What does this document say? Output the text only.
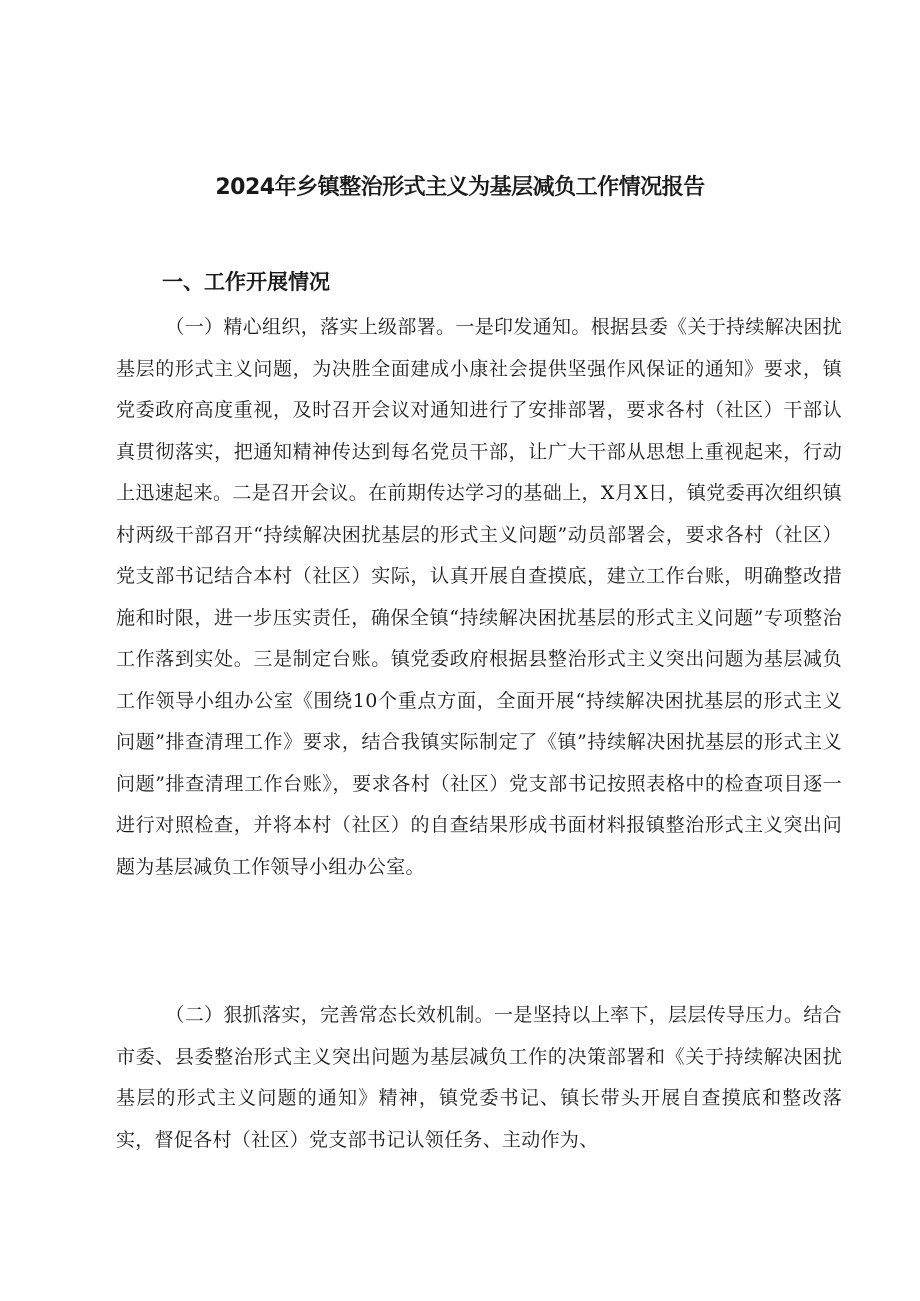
2024年乡镇整治形式主义为基层减负工作情况报告
一、工作开展情况

（一）精心组织，落实上级部署。一是印发通知。根据县委《关于持续解决困扰基层的形式主义问题，为决胜全面建成小康社会提供坚强作风保证的通知》要求，镇党委政府高度重视，及时召开会议对通知进行了安排部署，要求各村（社区）干部认真贯彻落实，把通知精神传达到每名党员干部，让广大干部从思想上重视起来，行动上迅速起来。二是召开会议。在前期传达学习的基础上，X月X日，镇党委再次组织镇村两级干部召开“持续解决困扰基层的形式主义问题”动员部署会，要求各村（社区）党支部书记结合本村（社区）实际，认真开展自查摸底，建立工作台账，明确整改措施和时限，进一步压实责任，确保全镇“持续解决困扰基层的形式主义问题”专项整治工作落到实处。三是制定台账。镇党委政府根据县整治形式主义突出问题为基层减负工作领导小组办公室《围绕10个重点方面，全面开展“持续解决困扰基层的形式主义问题”排查清理工作》要求，结合我镇实际制定了《镇”持续解决困扰基层的形式主义问题”排查清理工作台账》，要求各村（社区）党支部书记按照表格中的检查项目逐一进行对照检查，并将本村（社区）的自查结果形成书面材料报镇整治形式主义突出问题为基层减负工作领导小组办公室。

（二）狠抓落实，完善常态长效机制。一是坚持以上率下，层层传导压力。结合市委、县委整治形式主义突出问题为基层减负工作的决策部署和《关于持续解决困扰基层的形式主义问题的通知》精神，镇党委书记、镇长带头开展自查摸底和整改落实，督促各村（社区）党支部书记认领任务、主动作为、
